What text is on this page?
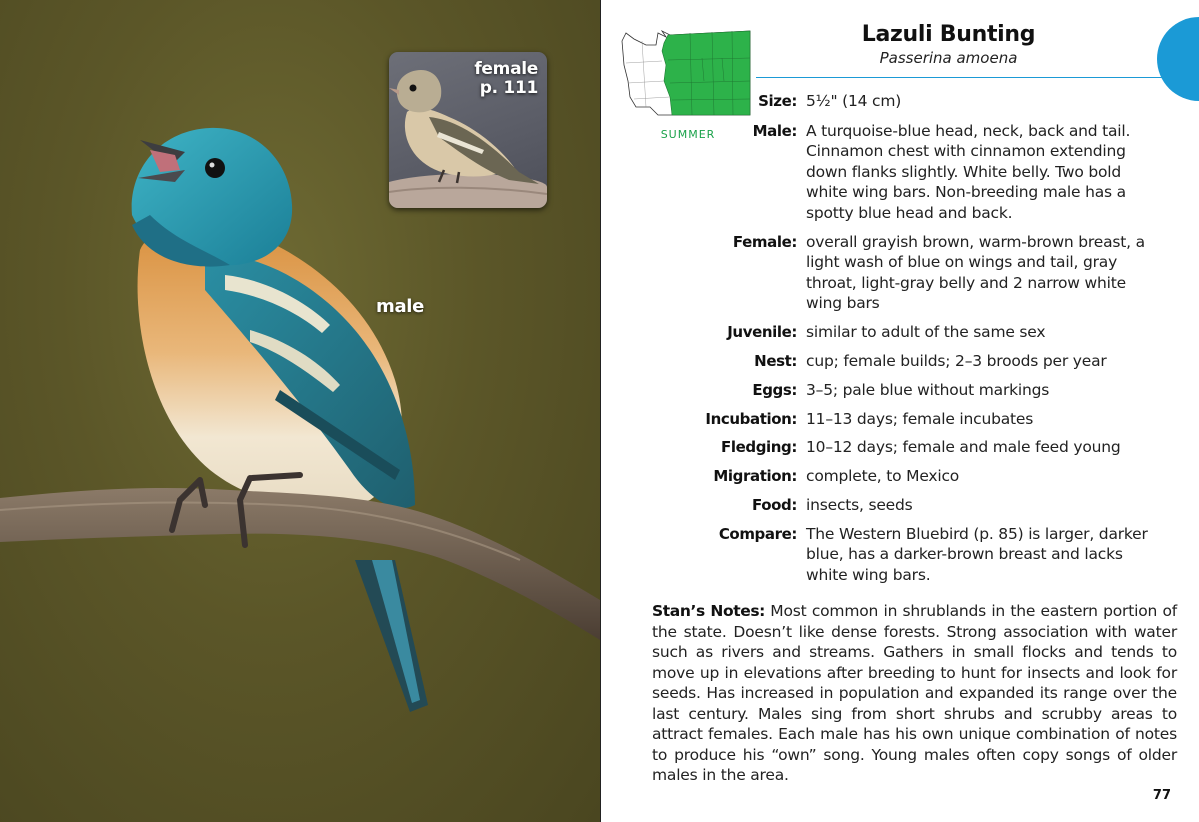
male
female
p. 111
SUMMER
Lazuli Bunting
Passerina amoena
Size: 5½" (14 cm)
Male: A turquoise-blue head, neck, back and tail. Cinnamon chest with cinnamon extending down flanks slightly. White belly. Two bold white wing bars. Non-breeding male has a spotty blue head and back.
Female: overall grayish brown, warm-brown breast, a light wash of blue on wings and tail, gray throat, light-gray belly and 2 narrow white wing bars
Juvenile: similar to adult of the same sex
Nest: cup; female builds; 2–3 broods per year
Eggs: 3–5; pale blue without markings
Incubation: 11–13 days; female incubates
Fledging: 10–12 days; female and male feed young
Migration: complete, to Mexico
Food: insects, seeds
Compare: The Western Bluebird (p. 85) is larger, darker blue, has a darker-brown breast and lacks white wing bars.
Stan’s Notes: Most common in shrublands in the eastern portion of the state. Doesn’t like dense forests. Strong association with water such as rivers and streams. Gathers in small flocks and tends to move up in elevations after breeding to hunt for insects and look for seeds. Has increased in population and expanded its range over the last century. Males sing from short shrubs and scrubby areas to attract females. Each male has his own unique combination of notes to produce his “own” song. Young males often copy songs of older males in the area.
77
